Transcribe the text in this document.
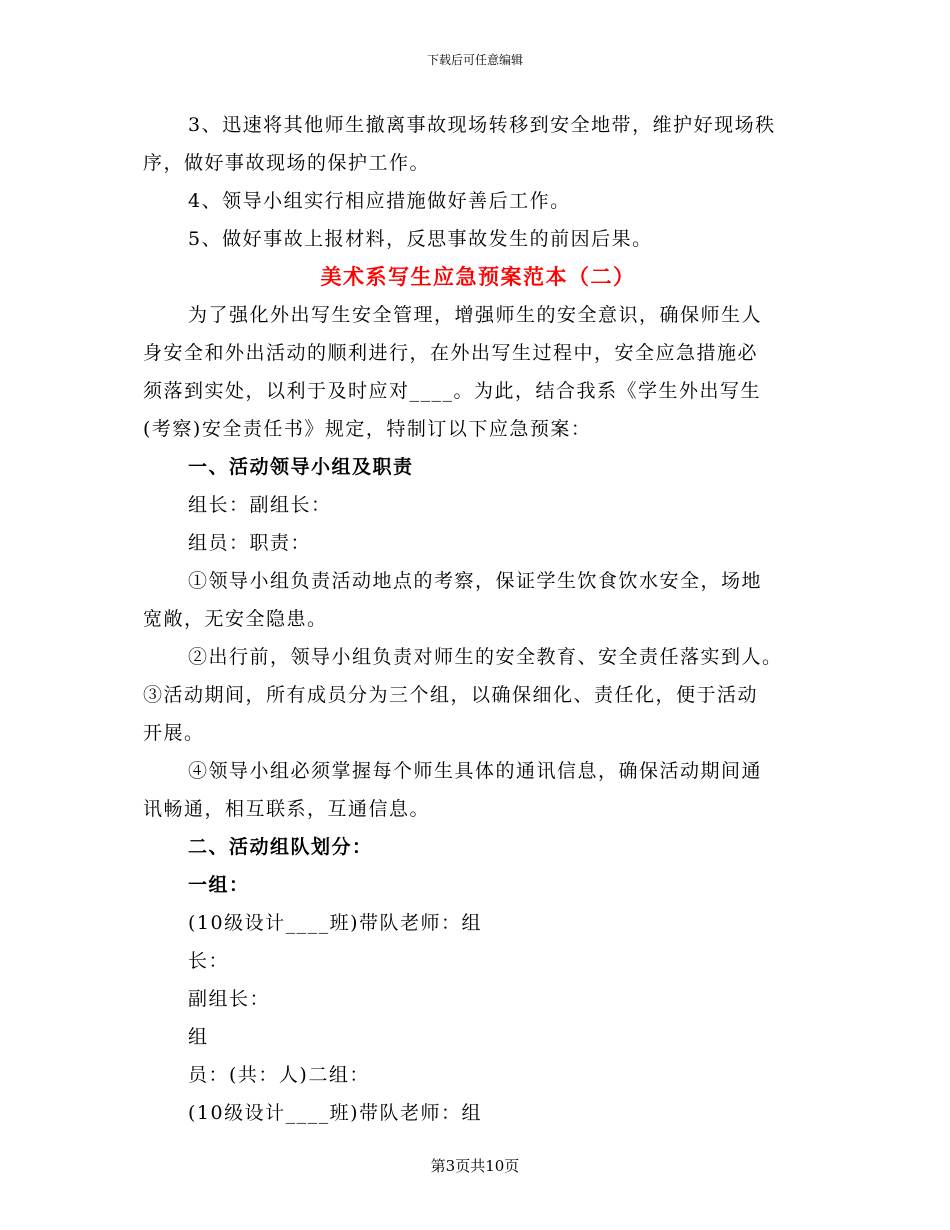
下载后可任意编辑

3、迅速将其他师生撤离事故现场转移到安全地带，维护好现场秩

序，做好事故现场的保护工作。

4、领导小组实行相应措施做好善后工作。

5、做好事故上报材料，反思事故发生的前因后果。

美术系写生应急预案范本（二）

为了强化外出写生安全管理，增强师生的安全意识，确保师生人

身安全和外出活动的顺利进行，在外出写生过程中，安全应急措施必

须落到实处，以利于及时应对____。为此，结合我系《学生外出写生

(考察)安全责任书》规定，特制订以下应急预案：

一、活动领导小组及职责

组长：副组长：

组员：职责：

①领导小组负责活动地点的考察，保证学生饮食饮水安全，场地

宽敞，无安全隐患。

②出行前，领导小组负责对师生的安全教育、安全责任落实到人。

③活动期间，所有成员分为三个组，以确保细化、责任化，便于活动

开展。

④领导小组必须掌握每个师生具体的通讯信息，确保活动期间通

讯畅通，相互联系，互通信息。

二、活动组队划分：

一组：

(10级设计____班)带队老师：组

长：

副组长：

组

员：(共：人)二组：

(10级设计____班)带队老师：组

第3页共10页
